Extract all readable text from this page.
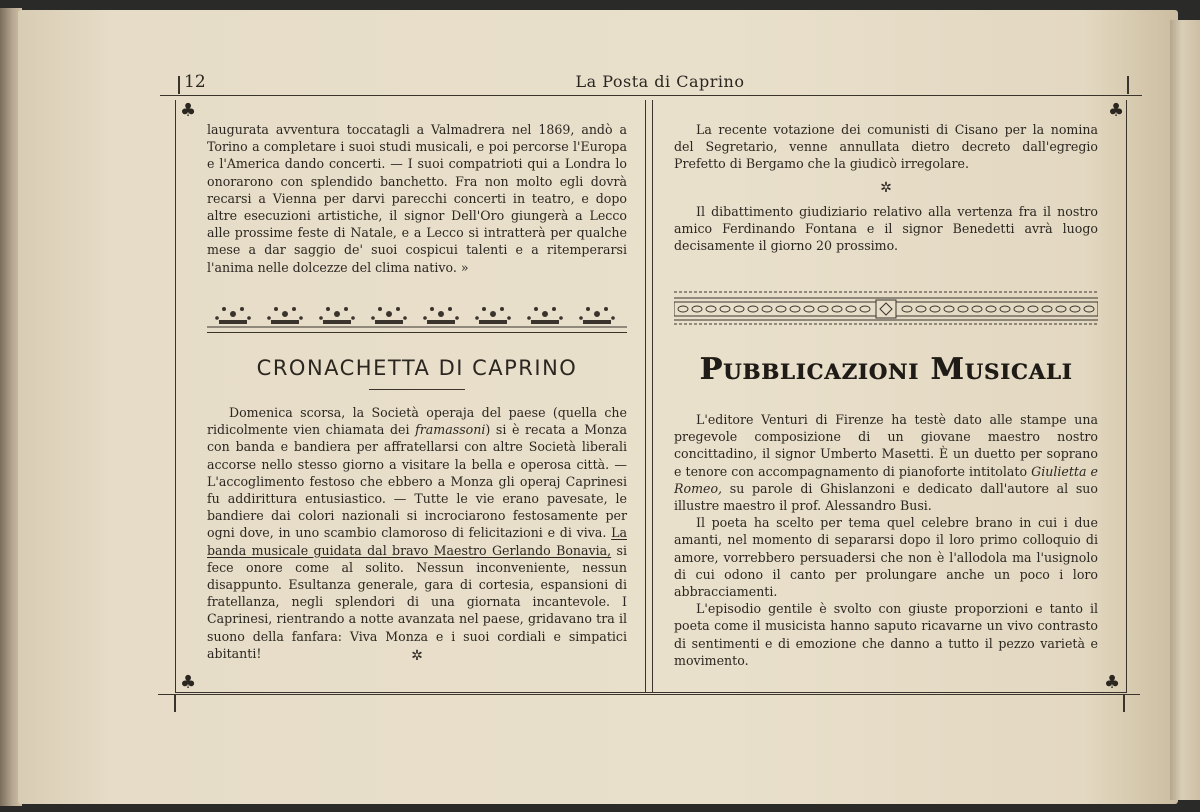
12	La Posta di Caprino
♣	♣
♣	♣

laugurata avventura toccatagli a Valmadrera nel 1869, andò a Torino a completare i suoi studi musicali, e poi percorse l'Europa e l'America dando concerti. — I suoi compatrioti qui a Londra lo onorarono con splendido banchetto. Fra non molto egli dovrà recarsi a Vienna per darvi parecchi concerti in teatro, e dopo altre esecuzioni artistiche, il signor Dell'Oro giungerà a Lecco alle prossime feste di Natale, e a Lecco si intratterà per qualche mese a dar saggio de' suoi cospicui talenti e a ritemperarsi l'anima nelle dolcezze del clima nativo. »

CRONACHETTA DI CAPRINO

Domenica scorsa, la Società operaja del paese (quella che ridicolmente vien chiamata dei framassoni) si è recata a Monza con banda e bandiera per affratellarsi con altre Società liberali accorse nello stesso giorno a visitare la bella e operosa città. — L'accoglimento festoso che ebbero a Monza gli operaj Caprinesi fu addirittura entusiastico. — Tutte le vie erano pavesate, le bandiere dai colori nazionali si incrociarono festosamente per ogni dove, in uno scambio clamoroso di felicitazioni e di viva. La banda musicale guidata dal bravo Maestro Gerlando Bonavia, si fece onore come al solito. Nessun inconveniente, nessun disappunto. Esultanza generale, gara di cortesia, espansioni di fratellanza, negli splendori di una giornata incantevole. I Caprinesi, rientrando a notte avanzata nel paese, gridavano tra il suono della fanfara: Viva Monza e i suoi cordiali e simpatici abitanti!	✲

La recente votazione dei comunisti di Cisano per la nomina del Segretario, venne annullata dietro decreto dall'egregio Prefetto di Bergamo che la giudicò irregolare.

✲

Il dibattimento giudiziario relativo alla vertenza fra il nostro amico Ferdinando Fontana e il signor Benedetti avrà luogo decisamente il giorno 20 prossimo.

Pubblicazioni Musicali

L'editore Venturi di Firenze ha testè dato alle stampe una pregevole composizione di un giovane maestro nostro concittadino, il signor Umberto Masetti. È un duetto per soprano e tenore con accompagnamento di pianoforte intitolato Giulietta e Romeo, su parole di Ghislanzoni e dedicato dall'autore al suo illustre maestro il prof. Alessandro Busi.

Il poeta ha scelto per tema quel celebre brano in cui i due amanti, nel momento di separarsi dopo il loro primo colloquio di amore, vorrebbero persuadersi che non è l'allodola ma l'usignolo di cui odono il canto per prolungare anche un poco i loro abbracciamenti.

L'episodio gentile è svolto con giuste proporzioni e tanto il poeta come il musicista hanno saputo ricavarne un vivo contrasto di sentimenti e di emozione che danno a tutto il pezzo varietà e movimento.
